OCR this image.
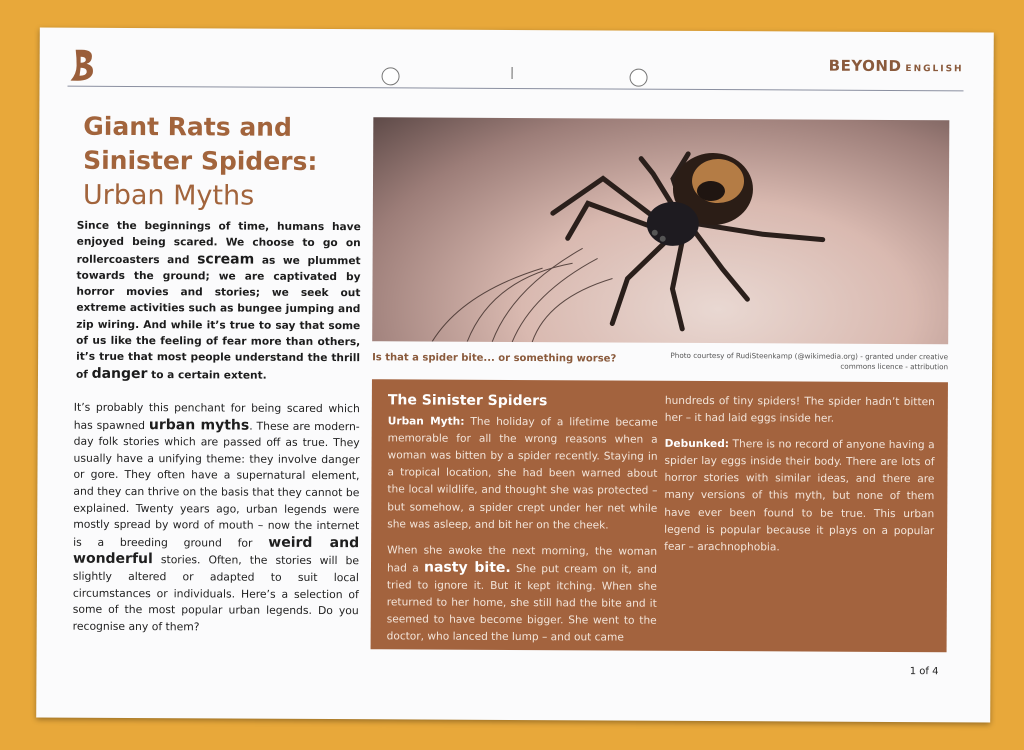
BEYOND ENGLISH
Giant Rats and Sinister Spiders:
Urban Myths
Since the beginnings of time, humans have enjoyed being scared. We choose to go on rollercoasters and scream as we plummet towards the ground; we are captivated by horror movies and stories; we seek out extreme activities such as bungee jumping and zip wiring. And while it’s true to say that some of us like the feeling of fear more than others, it’s true that most people understand the thrill of danger to a certain extent.
It’s probably this penchant for being scared which has spawned urban myths. These are modern-day folk stories which are passed off as true. They usually have a unifying theme: they involve danger or gore. They often have a supernatural element, and they can thrive on the basis that they cannot be explained. Twenty years ago, urban legends were mostly spread by word of mouth – now the internet is a breeding ground for weird and wonderful stories. Often, the stories will be slightly altered or adapted to suit local circumstances or individuals. Here’s a selection of some of the most popular urban legends. Do you recognise any of them?
Is that a spider bite... or something worse?	Photo courtesy of RudiSteenkamp (@wikimedia.org) - granted under creative commons licence - attribution
The Sinister Spiders

Urban Myth: The holiday of a lifetime became memorable for all the wrong reasons when a woman was bitten by a spider recently. Staying in a tropical location, she had been warned about the local wildlife, and thought she was protected – but somehow, a spider crept under her net while she was asleep, and bit her on the cheek.

When she awoke the next morning, the woman had a nasty bite. She put cream on it, and tried to ignore it. But it kept itching. When she returned to her home, she still had the bite and it seemed to have become bigger. She went to the doctor, who lanced the lump – and out came

hundreds of tiny spiders! The spider hadn’t bitten her – it had laid eggs inside her.

Debunked: There is no record of anyone having a spider lay eggs inside their body. There are lots of horror stories with similar ideas, and there are many versions of this myth, but none of them have ever been found to be true. This urban legend is popular because it plays on a popular fear – arachnophobia.

1 of 4
